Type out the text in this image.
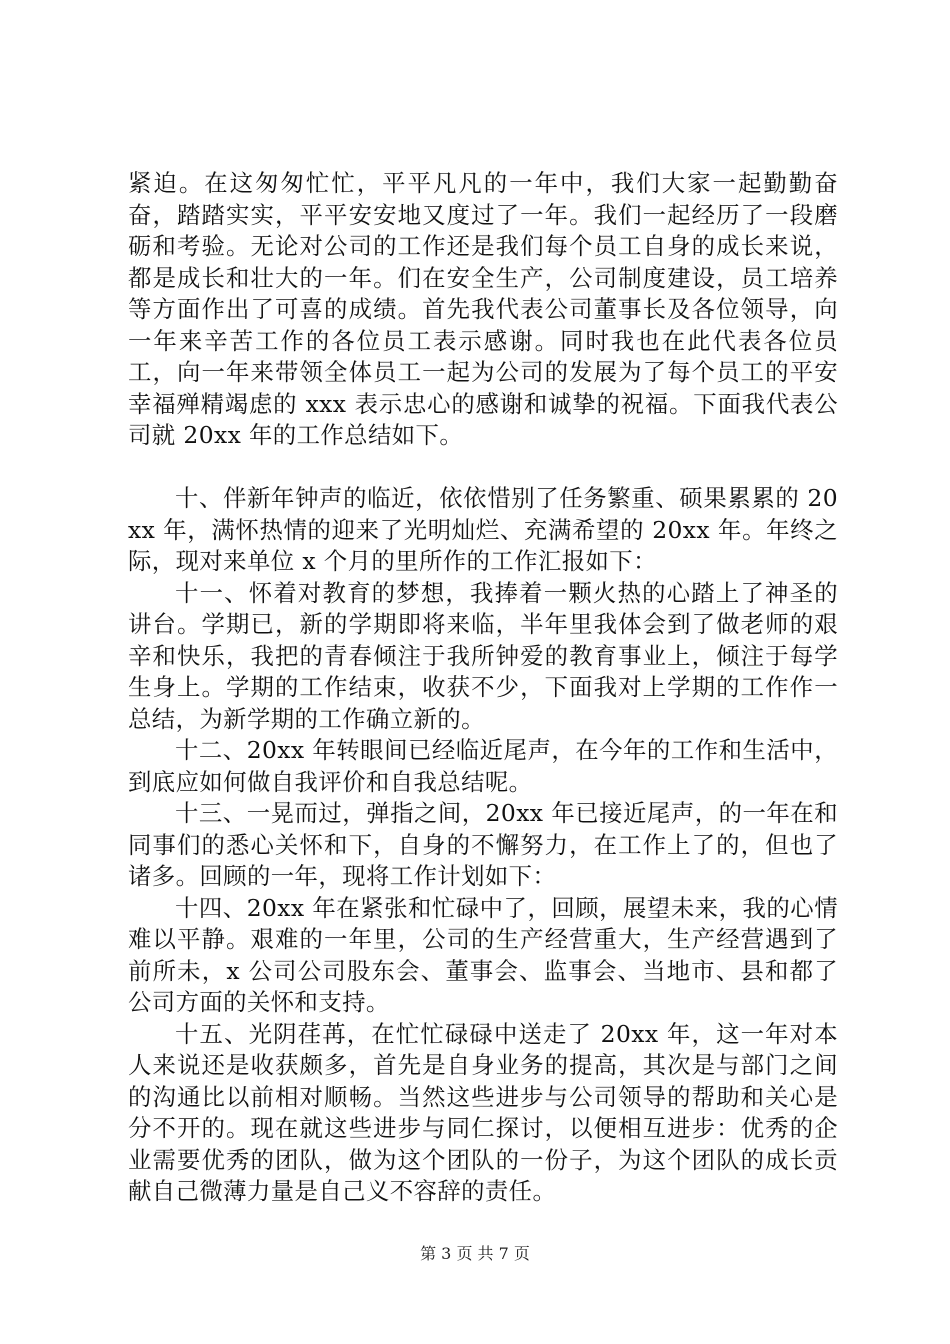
紧迫。在这匆匆忙忙，平平凡凡的一年中，我们大家一起勤勤奋奋，踏踏实实，平平安安地又度过了一年。我们一起经历了一段磨砺和考验。无论对公司的工作还是我们每个员工自身的成长来说，都是成长和壮大的一年。们在安全生产，公司制度建设，员工培养等方面作出了可喜的成绩。首先我代表公司董事长及各位领导，向一年来辛苦工作的各位员工表示感谢。同时我也在此代表各位员工，向一年来带领全体员工一起为公司的发展为了每个员工的平安幸福殚精竭虑的 xxx 表示忠心的感谢和诚挚的祝福。下面我代表公司就 20xx 年的工作总结如下。

十、伴新年钟声的临近，依依惜别了任务繁重、硕果累累的 20xx 年，满怀热情的迎来了光明灿烂、充满希望的 20xx 年。年终之际，现对来单位 x 个月的里所作的工作汇报如下：

十一、怀着对教育的梦想，我捧着一颗火热的心踏上了神圣的讲台。学期已，新的学期即将来临，半年里我体会到了做老师的艰辛和快乐，我把的青春倾注于我所钟爱的教育事业上，倾注于每学生身上。学期的工作结束，收获不少，下面我对上学期的工作作一总结，为新学期的工作确立新的。

十二、20xx 年转眼间已经临近尾声，在今年的工作和生活中，到底应如何做自我评价和自我总结呢。

十三、一晃而过，弹指之间，20xx 年已接近尾声，的一年在和同事们的悉心关怀和下，自身的不懈努力，在工作上了的，但也了诸多。回顾的一年，现将工作计划如下：

十四、20xx 年在紧张和忙碌中了，回顾，展望未来，我的心情难以平静。艰难的一年里，公司的生产经营重大，生产经营遇到了前所未，x 公司公司股东会、董事会、监事会、当地市、县和都了公司方面的关怀和支持。

十五、光阴荏苒，在忙忙碌碌中送走了 20xx 年，这一年对本人来说还是收获颇多，首先是自身业务的提高，其次是与部门之间的沟通比以前相对顺畅。当然这些进步与公司领导的帮助和关心是分不开的。现在就这些进步与同仁探讨，以便相互进步：优秀的企业需要优秀的团队，做为这个团队的一份子，为这个团队的成长贡献自己微薄力量是自己义不容辞的责任。

第 3 页 共 7 页
